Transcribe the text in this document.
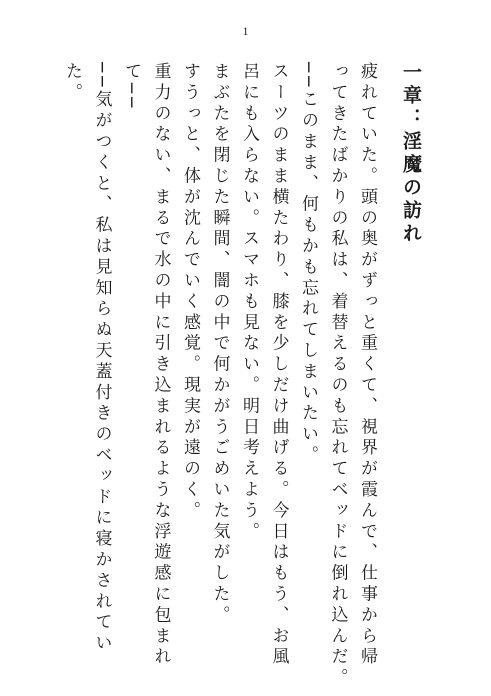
1
一章：淫魔の訪れ

疲れていた。頭の奥がずっと重くて、視界が霞んで、仕事から帰

ってきたばかりの私は、着替えるのも忘れてベッドに倒れ込んだ。

──このまま、何もかも忘れてしまいたい。

スーツのまま横たわり、膝を少しだけ曲げる。今日はもう、お風

呂にも入らない。スマホも見ない。明日考えよう。

まぶたを閉じた瞬間、闇の中で何かがうごめいた気がした。

すうっと、体が沈んでいく感覚。現実が遠のく。

重力のない、まるで水の中に引き込まれるような浮遊感に包まれ

て──

──気がつくと、私は見知らぬ天蓋付きのベッドに寝かされてい

た。
